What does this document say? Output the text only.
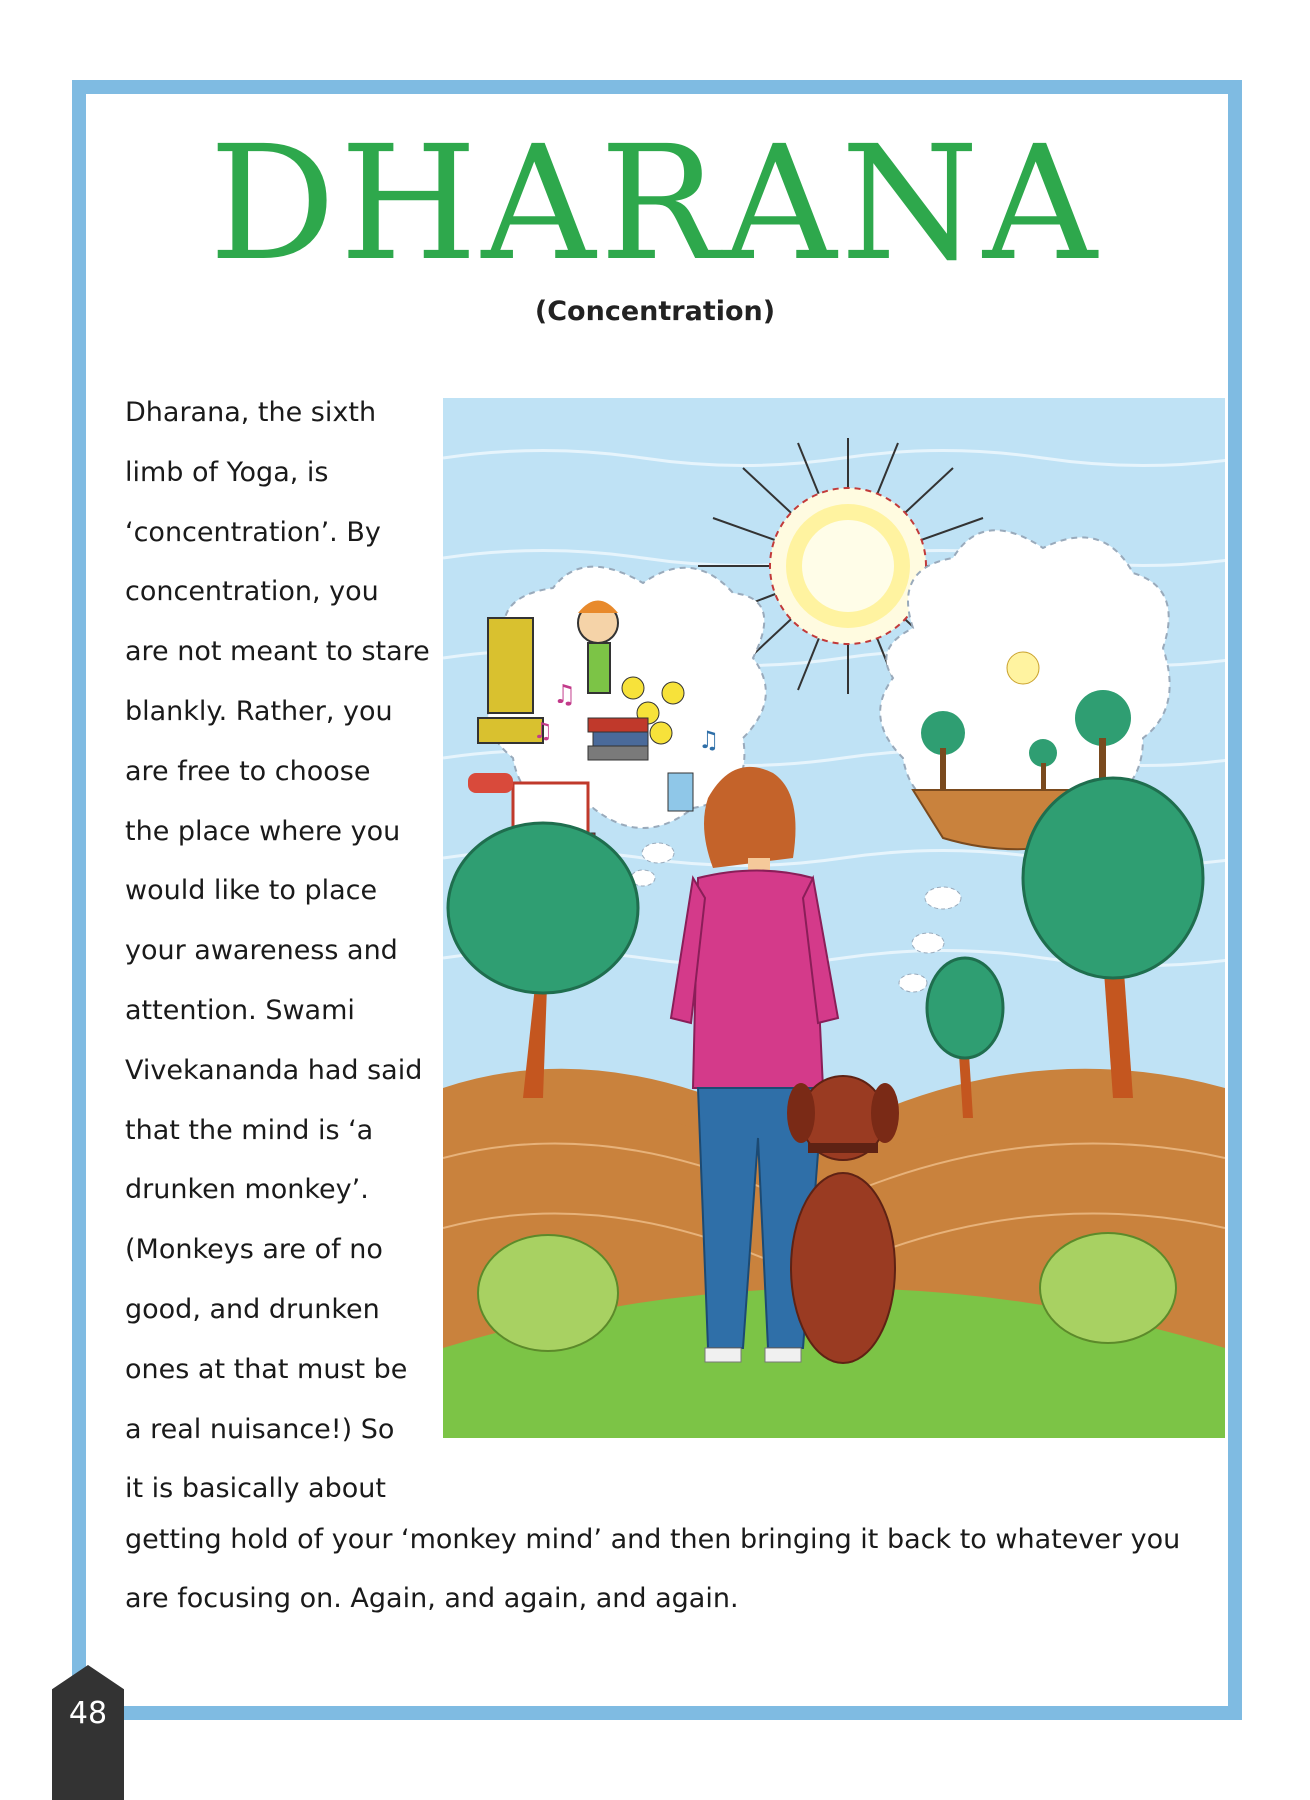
DHARANA
(Concentration)
Dharana, the sixth
limb of Yoga, is
‘concentration’. By
concentration, you
are not meant to stare
blankly. Rather, you
are free to choose
the place where you
would like to place
your awareness and
attention. Swami
Vivekananda had said
that the mind is ‘a
drunken monkey’.
(Monkeys are of no
good, and drunken
ones at that must be
a real nuisance!) So
it is basically about
♫
♫
♫
getting hold of your ‘monkey mind’ and then bringing it back to whatever you
are focusing on. Again, and again, and again.
48
